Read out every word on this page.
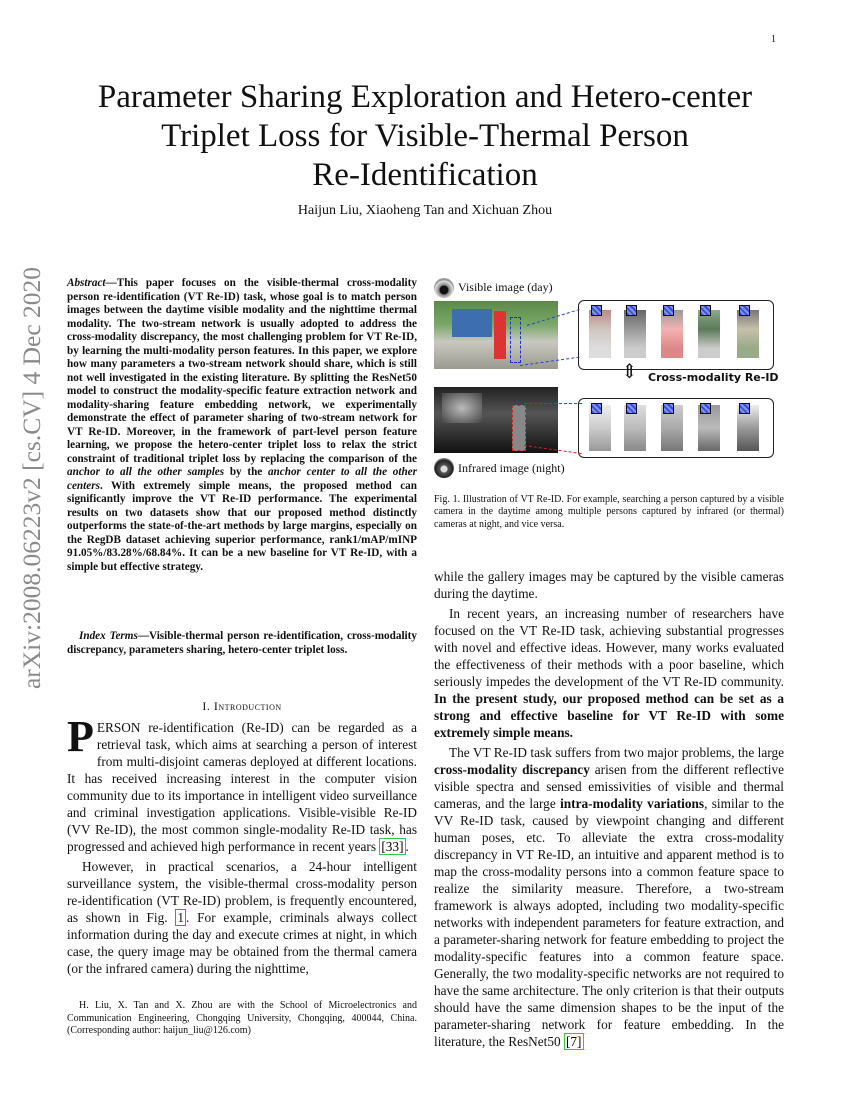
1
arXiv:2008.06223v2 [cs.CV] 4 Dec 2020
Parameter Sharing Exploration and Hetero-center
Triplet Loss for Visible-Thermal Person
Re-Identification
Haijun Liu, Xiaoheng Tan and Xichuan Zhou
Abstract—This paper focuses on the visible-thermal cross-modality person re-identification (VT Re-ID) task, whose goal is to match person images between the daytime visible modality and the nighttime thermal modality. The two-stream network is usually adopted to address the cross-modality discrepancy, the most challenging problem for VT Re-ID, by learning the multi-modality person features. In this paper, we explore how many parameters a two-stream network should share, which is still not well investigated in the existing literature. By splitting the ResNet50 model to construct the modality-specific feature extraction network and modality-sharing feature embedding network, we experimentally demonstrate the effect of parameter sharing of two-stream network for VT Re-ID. Moreover, in the framework of part-level person feature learning, we propose the hetero-center triplet loss to relax the strict constraint of traditional triplet loss by replacing the comparison of the anchor to all the other samples by the anchor center to all the other centers. With extremely simple means, the proposed method can significantly improve the VT Re-ID performance. The experimental results on two datasets show that our proposed method distinctly outperforms the state-of-the-art methods by large margins, especially on the RegDB dataset achieving superior performance, rank1/mAP/mINP 91.05%/83.28%/68.84%. It can be a new baseline for VT Re-ID, with a simple but effective strategy.
Index Terms—Visible-thermal person re-identification, cross-modality discrepancy, parameters sharing, hetero-center triplet loss.
I. Introduction

PERSON re-identification (Re-ID) can be regarded as a retrieval task, which aims at searching a person of interest from multi-disjoint cameras deployed at different locations. It has received increasing interest in the computer vision community due to its importance in intelligent video surveillance and criminal investigation applications. Visible-visible Re-ID (VV Re-ID), the most common single-modality Re-ID task, has progressed and achieved high performance in recent years [33] .

However, in practical scenarios, a 24-hour intelligent surveillance system, the visible-thermal cross-modality person re-identification (VT Re-ID) problem, is frequently encountered, as shown in Fig. 1 . For example, criminals always collect information during the day and execute crimes at night, in which case, the query image may be obtained from the thermal camera (or the infrared camera) during the nighttime,

H. Liu, X. Tan and X. Zhou are with the School of Microelectronics and Communication Engineering, Chongqing University, Chongqing, 400044, China. (Corresponding author: haijun_liu@126.com)
Visible image (day)
⇕ Cross-modality Re-ID
Infrared image (night)
Fig. 1. Illustration of VT Re-ID. For example, searching a person captured by a visible camera in the daytime among multiple persons captured by infrared (or thermal) cameras at night, and vice versa.

while the gallery images may be captured by the visible cameras during the daytime.

In recent years, an increasing number of researchers have focused on the VT Re-ID task, achieving substantial progresses with novel and effective ideas. However, many works evaluated the effectiveness of their methods with a poor baseline, which seriously impedes the development of the VT Re-ID community. In the present study, our proposed method can be set as a strong and effective baseline for VT Re-ID with some extremely simple means.

The VT Re-ID task suffers from two major problems, the large cross-modality discrepancy arisen from the different reflective visible spectra and sensed emissivities of visible and thermal cameras, and the large intra-modality variations, similar to the VV Re-ID task, caused by viewpoint changing and different human poses, etc. To alleviate the extra cross-modality discrepancy in VT Re-ID, an intuitive and apparent method is to map the cross-modality persons into a common feature space to realize the similarity measure. Therefore, a two-stream framework is always adopted, including two modality-specific networks with independent parameters for feature extraction, and a parameter-sharing network for feature embedding to project the modality-specific features into a common feature space. Generally, the two modality-specific networks are not required to have the same architecture. The only criterion is that their outputs should have the same dimension shapes to be the input of the parameter-sharing network for feature embedding. In the literature, the ResNet50 [7]
